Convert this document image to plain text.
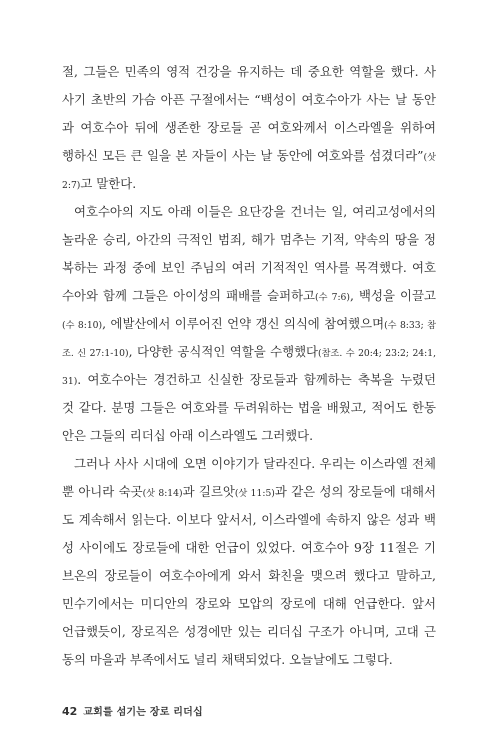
절, 그들은 민족의 영적 건강을 유지하는 데 중요한 역할을 했다. 사
사기 초반의 가슴 아픈 구절에서는 “백성이 여호수아가 사는 날 동안
과 여호수아 뒤에 생존한 장로들 곧 여호와께서 이스라엘을 위하여
행하신 모든 큰 일을 본 자들이 사는 날 동안에 여호와를 섬겼더라”(삿
2:7)고 말한다.
여호수아의 지도 아래 이들은 요단강을 건너는 일, 여리고성에서의
놀라운 승리, 아간의 극적인 범죄, 해가 멈추는 기적, 약속의 땅을 정
복하는 과정 중에 보인 주님의 여러 기적적인 역사를 목격했다. 여호
수아와 함께 그들은 아이성의 패배를 슬퍼하고(수 7:6), 백성을 이끌고
(수 8:10), 에발산에서 이루어진 언약 갱신 의식에 참여했으며(수 8:33; 참
조. 신 27:1-10), 다양한 공식적인 역할을 수행했다(참조. 수 20:4; 23:2; 24:1,
31). 여호수아는 경건하고 신실한 장로들과 함께하는 축복을 누렸던
것 같다. 분명 그들은 여호와를 두려워하는 법을 배웠고, 적어도 한동
안은 그들의 리더십 아래 이스라엘도 그러했다.
그러나 사사 시대에 오면 이야기가 달라진다. 우리는 이스라엘 전체
뿐 아니라 숙곳(삿 8:14)과 길르앗(삿 11:5)과 같은 성의 장로들에 대해서
도 계속해서 읽는다. 이보다 앞서서, 이스라엘에 속하지 않은 성과 백
성 사이에도 장로들에 대한 언급이 있었다. 여호수아 9장 11절은 기
브온의 장로들이 여호수아에게 와서 화친을 맺으려 했다고 말하고,
민수기에서는 미디안의 장로와 모압의 장로에 대해 언급한다. 앞서
언급했듯이, 장로직은 성경에만 있는 리더십 구조가 아니며, 고대 근
동의 마을과 부족에서도 널리 채택되었다. 오늘날에도 그렇다.
42 교회를 섬기는 장로 리더십
